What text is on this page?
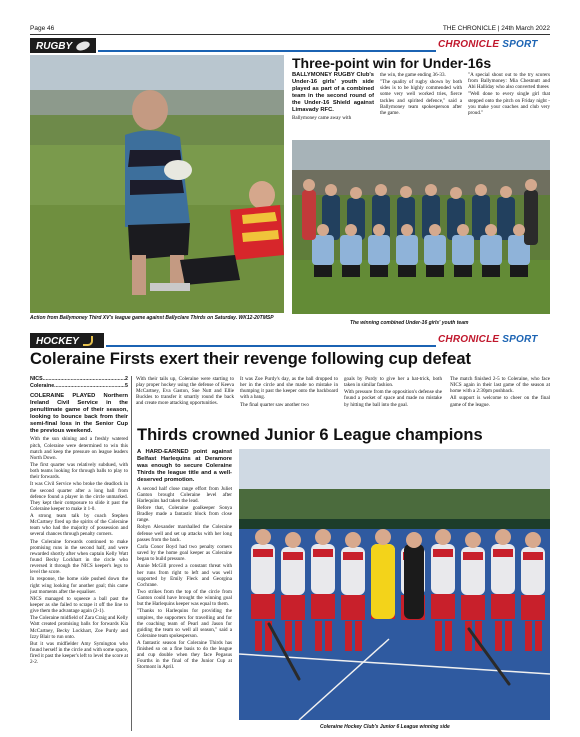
Page 46	THE CHRONICLE | 24th March 2022
RUGBY	CHRONICLE SPORT
Action from Ballymoney Third XV's league game against Ballyclare Thirds on Saturday. WK12-20TMSP
Three-point win for Under-16s

BALLYMONEY RUGBY Club's Under-16 girls' youth side played as part of a combined team in the second round of the Under-16 Shield against Limavady RFC.

Ballymoney came away with

the win, the game ending 36-33.

"The quality of rugby shown by both sides is to be highly commended with some very well worked tries, fierce tackles and spirited defence," said a Ballymoney team spokesperson after the game.

"A special shout out to the try scorers from Ballymoney: Mia Chestnutt and Abi Halliday who also converted threes

"Well done to every single girl that stepped onto the pitch on Friday night - you make your coaches and club very proud."

The winning combined Under-16 girls' youth team
HOCKEY	CHRONICLE SPORT
Coleraine Firsts exert their revenge following cup defeat
NICS .....	2
Coleraine .....	5

COLERAINE PLAYED Northern Ireland Civil Service in the penultimate game of their season, looking to bounce back from their semi-final loss in the Senior Cup the previous weekend.

With the sun shining and a freshly watered pitch, Coleraine were determined to win this match and keep the pressure on league leaders North Down.

The first quarter was relatively subdued, with both teams looking for through balls to play to their forwards.

It was Civil Service who broke the deadlock in the second quarter after a long ball from defence found a player in the circle unmarked. They kept their composure to slide it past the Coleraine keeper to make it 1-0.

A strong team talk by coach Stephen McCartney fired up the spirits of the Coleraine team who had the majority of possession and several chances through penalty corners.

The Coleraine forwards continued to make promising runs in the second half, and were rewarded shortly after when captain Kelly Watt found Becky Lockhart in the circle who reversed it through the NICS keeper's legs to level the score.

In response, the home side pushed down the right wing looking for another goal; this came just moments after the equaliser.

NICS managed to squeeze a ball past the keeper as she failed to scrape it off the line to give them the advantage again (2-1).

The Coleraine midfield of Zara Craig and Kelly Watt created promising balls for forwards Kia McCartney, Becky Lockhart, Zoe Purdy and Izzy Blair to run onto.

But it was midfielder Amy Symington who found herself in the circle and with some space, fired it past the keeper's left to level the score at 2-2.

With their tails up, Coleraine were starting to play proper hockey using the defense of Keeva McCartney, Eva Gaston, Sue Nutt and Ellie Buckles to transfer it smartly round the back and create more attacking opportunities.

It was Zoe Purdy's day, as the ball dropped to her in the circle and she made no mistake in thumping it past the keeper onto the backboard with a bang.

The final quarter saw another two

goals by Purdy to give her a hat-trick, both taken in similar fashion.

With pressure from the opposition's defense she found a pocket of space and made no mistake by hitting the ball into the goal.

The match finished 2-5 to Coleraine, who face NICS again in their last game of the season at home with a 2:30pm pushback.

All support is welcome to cheer on the final game of the league.

Thirds crowned Junior 6 League champions

A HARD-EARNED point against Belfast Harlequins at Deramore was enough to secure Coleraine Thirds the league title and a well-deserved promotion.

A second half close range effort from Juliet Ganton brought Coleraine level after Harlequins had taken the lead.

Before that, Coleraine goalkeeper Sonya Bradley made a fantastic block from close range.

Robyn Alexander marshalled the Coleraine defense well and set up attacks with her long passes from the back.

Carla Conor Boyd had two penalty corners saved by the home goal keeper as Coleraine began to build pressure.

Annie McGill proved a constant threat with her runs from right to left and was well supported by Emily Fleck and Georgina Cochrane.

Two strikes from the top of the circle from Ganton could have brought the winning goal but the Harlequins keeper was equal to them.

"Thanks to Harlequins for providing the umpires, the supporters for travelling and for the coaching team of Pearl and Jason for guiding the team so well all season," said a Coleraine team spokesperson.

A fantastic season for Coleraine Thirds has finished so on a fine basis to do the league and cup double when they face Pegasus Fourths in the final of the Junior Cup at Stormont in April.

Coleraine Hockey Club's Junior 6 League winning side
